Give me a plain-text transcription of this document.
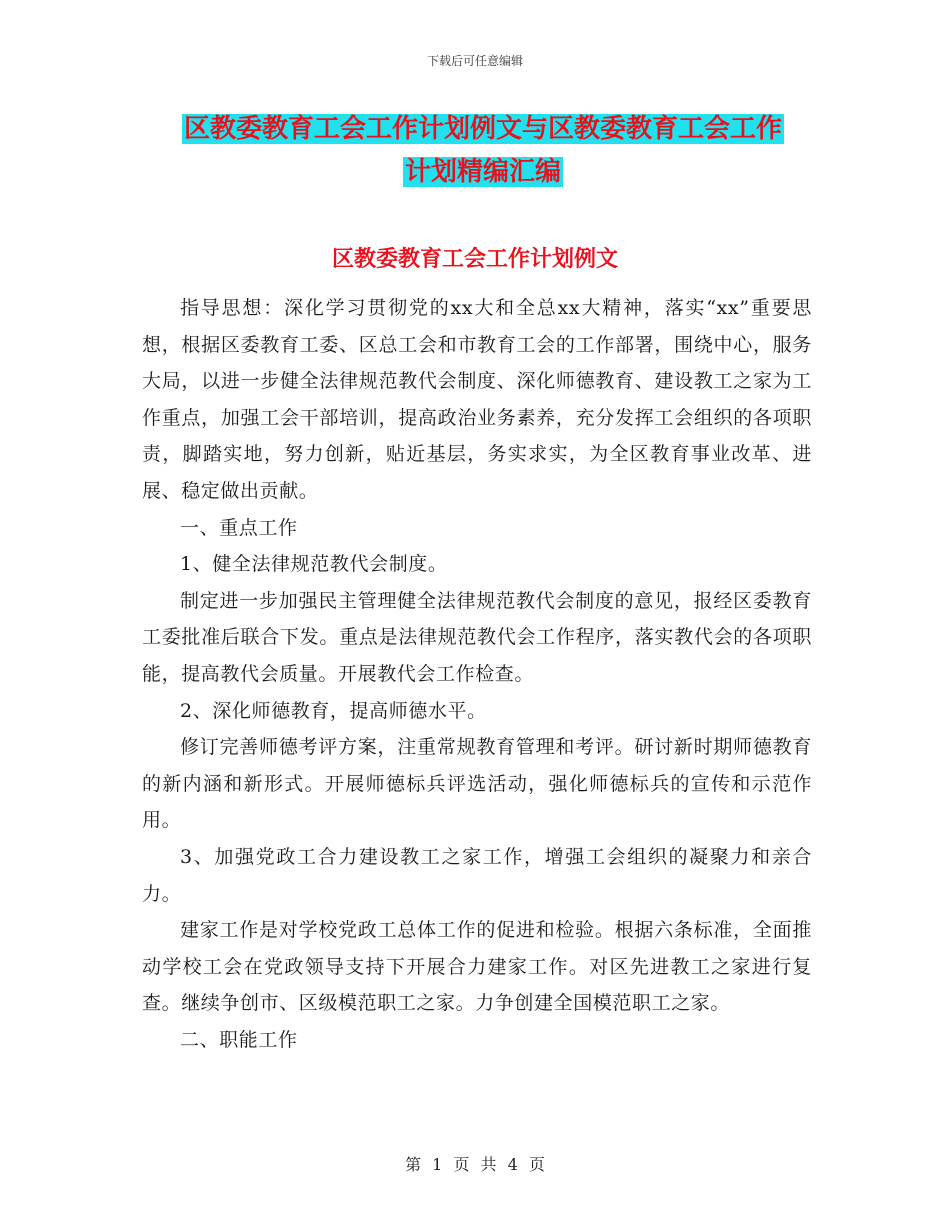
下载后可任意编辑
区教委教育工会工作计划例文与区教委教育工会工作
计划精编汇编
区教委教育工会工作计划例文

指导思想：深化学习贯彻党的xx大和全总xx大精神，落实“xx”重要思想，根据区委教育工委、区总工会和市教育工会的工作部署，围绕中心，服务大局，以进一步健全法律规范教代会制度、深化师德教育、建设教工之家为工作重点，加强工会干部培训，提高政治业务素养，充分发挥工会组织的各项职责，脚踏实地，努力创新，贴近基层，务实求实，为全区教育事业改革、进展、稳定做出贡献。

一、重点工作

1、健全法律规范教代会制度。

制定进一步加强民主管理健全法律规范教代会制度的意见，报经区委教育工委批准后联合下发。重点是法律规范教代会工作程序，落实教代会的各项职能，提高教代会质量。开展教代会工作检查。

2、深化师德教育，提高师德水平。

修订完善师德考评方案，注重常规教育管理和考评。研讨新时期师德教育的新内涵和新形式。开展师德标兵评选活动，强化师德标兵的宣传和示范作用。

3、加强党政工合力建设教工之家工作，增强工会组织的凝聚力和亲合力。

建家工作是对学校党政工总体工作的促进和检验。根据六条标准，全面推动学校工会在党政领导支持下开展合力建家工作。对区先进教工之家进行复查。继续争创市、区级模范职工之家。力争创建全国模范职工之家。

二、职能工作

第 1 页 共 4 页
